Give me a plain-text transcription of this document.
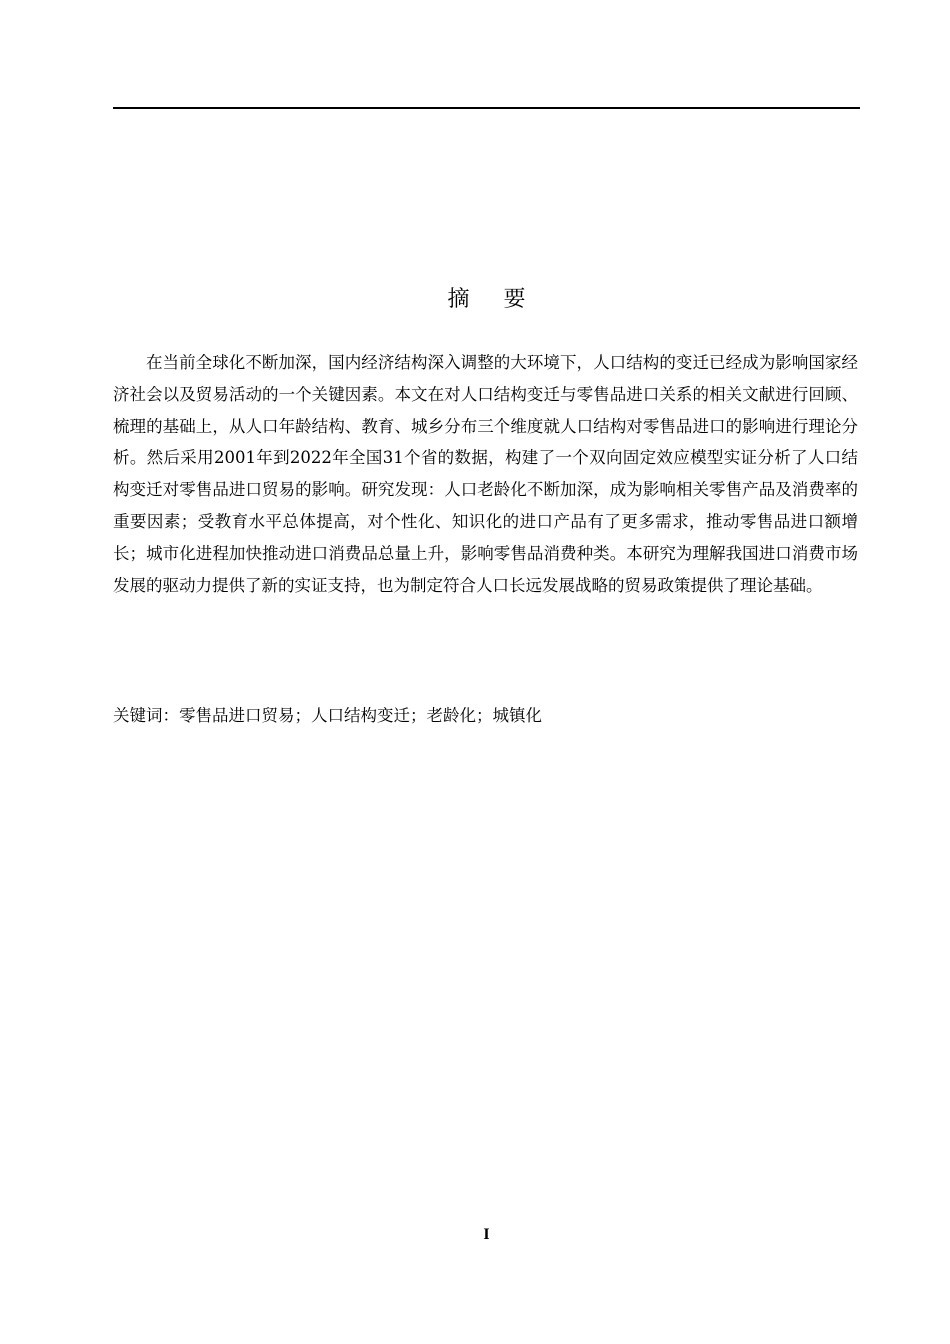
摘要

在当前全球化不断加深，国内经济结构深入调整的大环境下，人口结构的变迁已经成为影响国家经济社会以及贸易活动的一个关键因素。本文在对人口结构变迁与零售品进口关系的相关文献进行回顾、梳理的基础上，从人口年龄结构、教育、城乡分布三个维度就人口结构对零售品进口的影响进行理论分析。然后采用2001年到2022年全国31个省的数据，构建了一个双向固定效应模型实证分析了人口结构变迁对零售品进口贸易的影响。研究发现：人口老龄化不断加深，成为影响相关零售产品及消费率的重要因素；受教育水平总体提高，对个性化、知识化的进口产品有了更多需求，推动零售品进口额增长；城市化进程加快推动进口消费品总量上升，影响零售品消费种类。本研究为理解我国进口消费市场发展的驱动力提供了新的实证支持，也为制定符合人口长远发展战略的贸易政策提供了理论基础。

关键词：零售品进口贸易；人口结构变迁；老龄化；城镇化

I
